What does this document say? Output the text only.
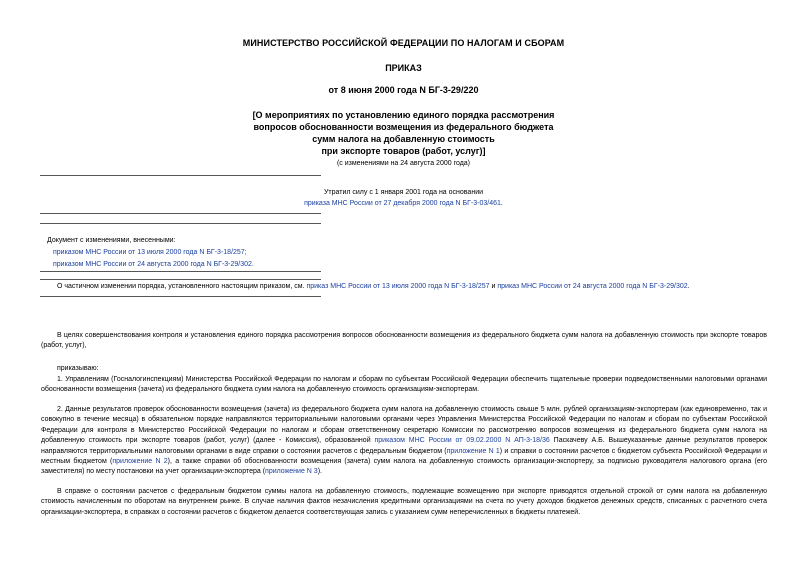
МИНИСТЕРСТВО РОССИЙСКОЙ ФЕДЕРАЦИИ ПО НАЛОГАМ И СБОРАМ
ПРИКАЗ
от 8 июня 2000 года N БГ-3-29/220
[О мероприятиях по установлению единого порядка рассмотрения
вопросов обоснованности возмещения из федерального бюджета
сумм налога на добавленную стоимость
при экспорте товаров (работ, услуг)]
(с изменениями на 24 августа 2000 года)
Утратил силу с 1 января 2001 года на основании
приказа МНС России от 27 декабря 2000 года N БГ-3-03/461.
Документ с изменениями, внесенными:
приказом МНС России от 13 июля 2000 года N БГ-3-18/257;
приказом МНС России от 24 августа 2000 года N БГ-3-29/302.
О частичном изменении порядка, установленного настоящим приказом, см. приказ МНС России от 13 июля 2000 года N БГ-3-18/257 и приказ МНС России от 24 августа 2000 года N БГ-3-29/302.
В целях совершенствования контроля и установления единого порядка рассмотрения вопросов обоснованности возмещения из федерального бюджета сумм налога на добавленную стоимость при экспорте товаров (работ, услуг),
приказываю:
1. Управлениям (Госналогинспекциям) Министерства Российской Федерации по налогам и сборам по субъектам Российской Федерации обеспечить тщательные проверки подведомственными налоговыми органами обоснованности возмещения (зачета) из федерального бюджета сумм налога на добавленную стоимость организациям-экспортерам.
2. Данные результатов проверок обоснованности возмещения (зачета) из федерального бюджета сумм налога на добавленную стоимость свыше 5 млн. рублей организациям-экспортерам (как единовременно, так и совокупно в течение месяца) в обязательном порядке направляются территориальными налоговыми органами через Управления Министерства Российской Федерации по налогам и сборам по субъектам Российской Федерации для контроля в Министерство Российской Федерации по налогам и сборам ответственному секретарю Комиссии по рассмотрению вопросов возмещения из федерального бюджета сумм налога на добавленную стоимость при экспорте товаров (работ, услуг) (далее - Комиссия), образованной приказом МНС России от 09.02.2000 N АП-3-18/36 Паскачеву А.Б. Вышеуказанные данные результатов проверок направляются территориальными налоговыми органами в виде справки о состоянии расчетов с федеральным бюджетом (приложение N 1) и справки о состоянии расчетов с бюджетом субъекта Российской Федерации и местным бюджетом (приложение N 2), а также справки об обоснованности возмещения (зачета) сумм налога на добавленную стоимость организации-экспортеру, за подписью руководителя налогового органа (его заместителя) по месту постановки на учет организации-экспортера (приложение N 3).
В справке о состоянии расчетов с федеральным бюджетом суммы налога на добавленную стоимость, подлежащие возмещению при экспорте приводятся отдельной строкой от сумм налога на добавленную стоимость начисленным по оборотам на внутреннем рынке. В случае наличия фактов незачисления кредитными организациями на счета по учету доходов бюджетов денежных средств, списанных с расчетного счета организации-экспортера, в справках о состоянии расчетов с бюджетом делается соответствующая запись с указанием сумм неперечисленных в бюджеты платежей.
